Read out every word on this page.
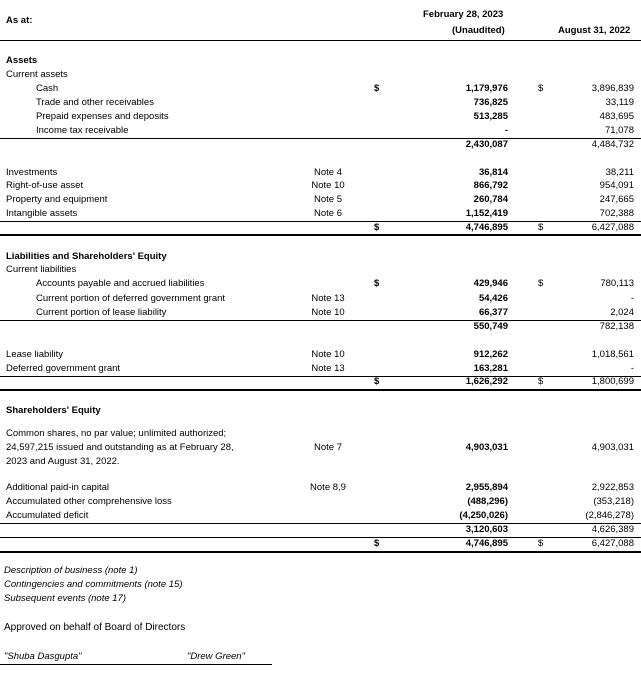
As at:
February 28, 2023
(Unaudited)	August 31, 2022
Description of business (note 1)
Contingencies and commitments (note 15)
Subsequent events (note 17)
Approved on behalf of Board of Directors
"Shuba Dasgupta"	"Drew Green"
Assets
Current assets
Cash	$	1,179,976	$	3,896,839
Trade and other receivables	736,825	33,119
Prepaid expenses and deposits	513,285	483,695
Income tax receivable	-	71,078
2,430,087	4,484,732
Investments	Note 4	36,814	38,211
Right-of-use asset	Note 10	866,792	954,091
Property and equipment	Note 5	260,784	247,665
Intangible assets	Note 6	1,152,419	702,388
$	4,746,895	$	6,427,088
Liabilities and Shareholders' Equity
Current liabilities
Accounts payable and accrued liabilities	$	429,946	$	780,113
Current portion of deferred government grant	Note 13	54,426	-
Current portion of lease liability	Note 10	66,377	2,024
550,749	782,138
Lease liability	Note 10	912,262	1,018,561
Deferred government grant	Note 13	163,281	-
$	1,626,292	$	1,800,699
Shareholders' Equity
Common shares, no par value; unlimited authorized;
24,597,215 issued and outstanding as at February 28,
2023 and August 31, 2022.
Note 7	4,903,031	4,903,031
Additional paid-in capital	Note 8,9	2,955,894	2,922,853
Accumulated other comprehensive loss	(488,296)	(353,218)
Accumulated deficit	(4,250,026)	(2,846,278)
3,120,603	4,626,389
$	4,746,895	$	6,427,088
